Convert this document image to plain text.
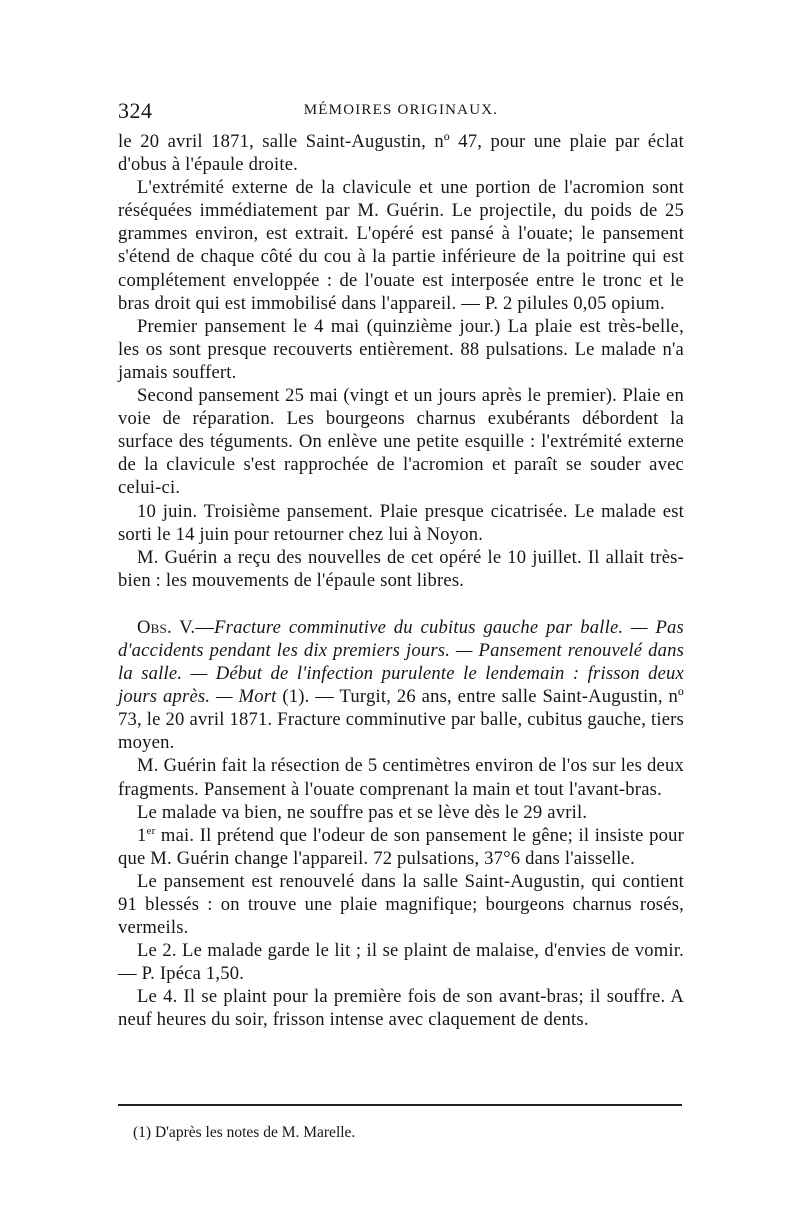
324	MÉMOIRES ORIGINAUX.

le 20 avril 1871, salle Saint-Augustin, nº 47, pour une plaie par éclat d'obus à l'épaule droite.

L'extrémité externe de la clavicule et une portion de l'acromion sont réséquées immédiatement par M. Guérin. Le projectile, du poids de 25 grammes environ, est extrait. L'opéré est pansé à l'ouate; le pansement s'étend de chaque côté du cou à la partie inférieure de la poitrine qui est complétement enveloppée : de l'ouate est interposée entre le tronc et le bras droit qui est immobilisé dans l'appareil. — P. 2 pilules 0,05 opium.

Premier pansement le 4 mai (quinzième jour.) La plaie est très-belle, les os sont presque recouverts entièrement. 88 pulsations. Le malade n'a jamais souffert.

Second pansement 25 mai (vingt et un jours après le premier). Plaie en voie de réparation. Les bourgeons charnus exubérants débordent la surface des téguments. On enlève une petite esquille : l'extrémité externe de la clavicule s'est rapprochée de l'acromion et paraît se souder avec celui-ci.

10 juin. Troisième pansement. Plaie presque cicatrisée. Le malade est sorti le 14 juin pour retourner chez lui à Noyon.

M. Guérin a reçu des nouvelles de cet opéré le 10 juillet. Il allait très-bien : les mouvements de l'épaule sont libres.

Obs. V.—Fracture comminutive du cubitus gauche par balle. — Pas d'accidents pendant les dix premiers jours. — Pansement renouvelé dans la salle. — Début de l'infection purulente le lendemain : frisson deux jours après. — Mort (1). — Turgit, 26 ans, entre salle Saint-Augustin, nº 73, le 20 avril 1871. Fracture comminutive par balle, cubitus gauche, tiers moyen.

M. Guérin fait la résection de 5 centimètres environ de l'os sur les deux fragments. Pansement à l'ouate comprenant la main et tout l'avant-bras.

Le malade va bien, ne souffre pas et se lève dès le 29 avril.

1er mai. Il prétend que l'odeur de son pansement le gêne; il insiste pour que M. Guérin change l'appareil. 72 pulsations, 37°6 dans l'aisselle.

Le pansement est renouvelé dans la salle Saint-Augustin, qui contient 91 blessés : on trouve une plaie magnifique; bourgeons charnus rosés, vermeils.

Le 2. Le malade garde le lit ; il se plaint de malaise, d'envies de vomir. — P. Ipéca 1,50.

Le 4. Il se plaint pour la première fois de son avant-bras; il souffre. A neuf heures du soir, frisson intense avec claquement de dents.

(1) D'après les notes de M. Marelle.
